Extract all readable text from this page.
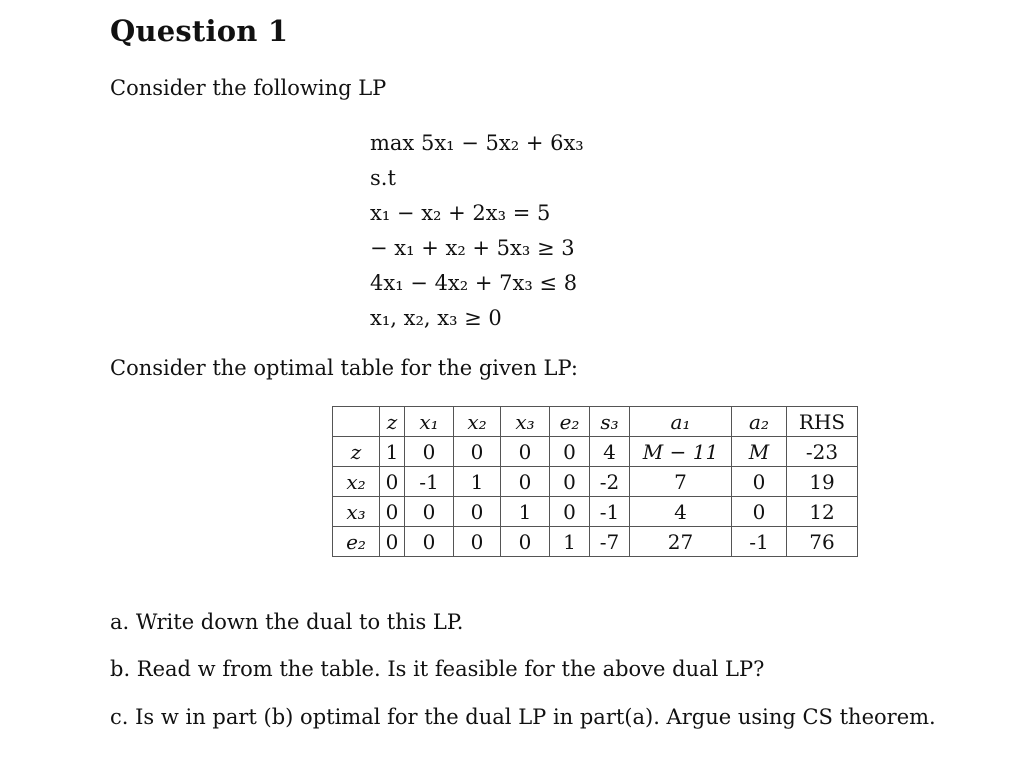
Question 1
Consider the following LP
max 5x₁ − 5x₂ + 6x₃
s.t
x₁ − x₂ + 2x₃ = 5
− x₁ + x₂ + 5x₃ ≥ 3
4x₁ − 4x₂ + 7x₃ ≤ 8
x₁, x₂, x₃ ≥ 0
Consider the optimal table for the given LP:
	z	x₁	x₂	x₃	e₂	s₃	a₁	a₂	RHS
z	1	0	0	0	0	4	M − 11	M	-23
x₂	0	-1	1	0	0	-2	7	0	19
x₃	0	0	0	1	0	-1	4	0	12
e₂	0	0	0	0	1	-7	27	-1	76
a. Write down the dual to this LP.
b. Read w from the table. Is it feasible for the above dual LP?
c. Is w in part (b) optimal for the dual LP in part(a). Argue using CS theorem.
